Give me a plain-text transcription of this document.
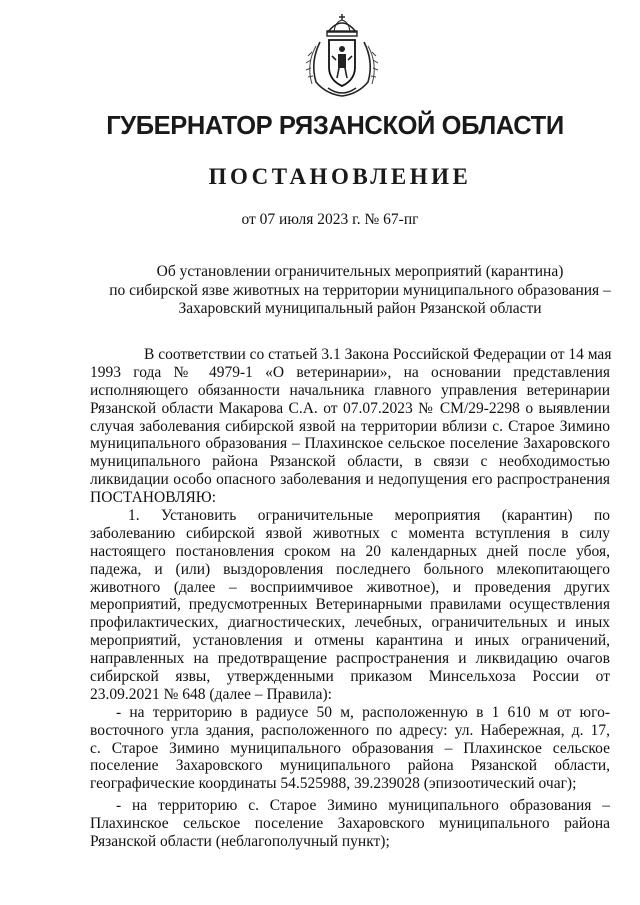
ГУБЕРНАТОР РЯЗАНСКОЙ ОБЛАСТИ
ПОСТАНОВЛЕНИЕ
от 07 июля 2023 г. № 67-пг
Об установлении ограничительных мероприятий (карантина)
по сибирской язве животных на территории муниципального образования –
Захаровский муниципальный район Рязанской области
В соответствии со статьей 3.1 Закона Российской Федерации от 14 мая
1993 года № 4979-1 «О ветеринарии», на основании представления
исполняющего обязанности начальника главного управления ветеринарии
Рязанской области Макарова С.А. от 07.07.2023 № СМ/29-2298 о выявлении
случая заболевания сибирской язвой на территории вблизи с. Старое Зимино
муниципального образования – Плахинское сельское поселение Захаровского
муниципального района Рязанской области, в связи с необходимостью
ликвидации особо опасного заболевания и недопущения его распространения
ПОСТАНОВЛЯЮ:
1. Установить ограничительные мероприятия (карантин) по
заболеванию сибирской язвой животных с момента вступления в силу
настоящего постановления сроком на 20 календарных дней после убоя,
падежа, и (или) выздоровления последнего больного млекопитающего
животного (далее – восприимчивое животное), и проведения других
мероприятий, предусмотренных Ветеринарными правилами осуществления
профилактических, диагностических, лечебных, ограничительных и иных
мероприятий, установления и отмены карантина и иных ограничений,
направленных на предотвращение распространения и ликвидацию очагов
сибирской язвы, утвержденными приказом Минсельхоза России от
23.09.2021 № 648 (далее – Правила):
- на территорию в радиусе 50 м, расположенную в 1 610 м от юго-
восточного угла здания, расположенного по адресу: ул. Набережная, д. 17,
с. Старое Зимино муниципального образования – Плахинское сельское
поселение Захаровского муниципального района Рязанской области,
географические координаты 54.525988, 39.239028 (эпизоотический очаг);
- на территорию с. Старое Зимино муниципального образования –
Плахинское сельское поселение Захаровского муниципального района
Рязанской области (неблагополучный пункт);
